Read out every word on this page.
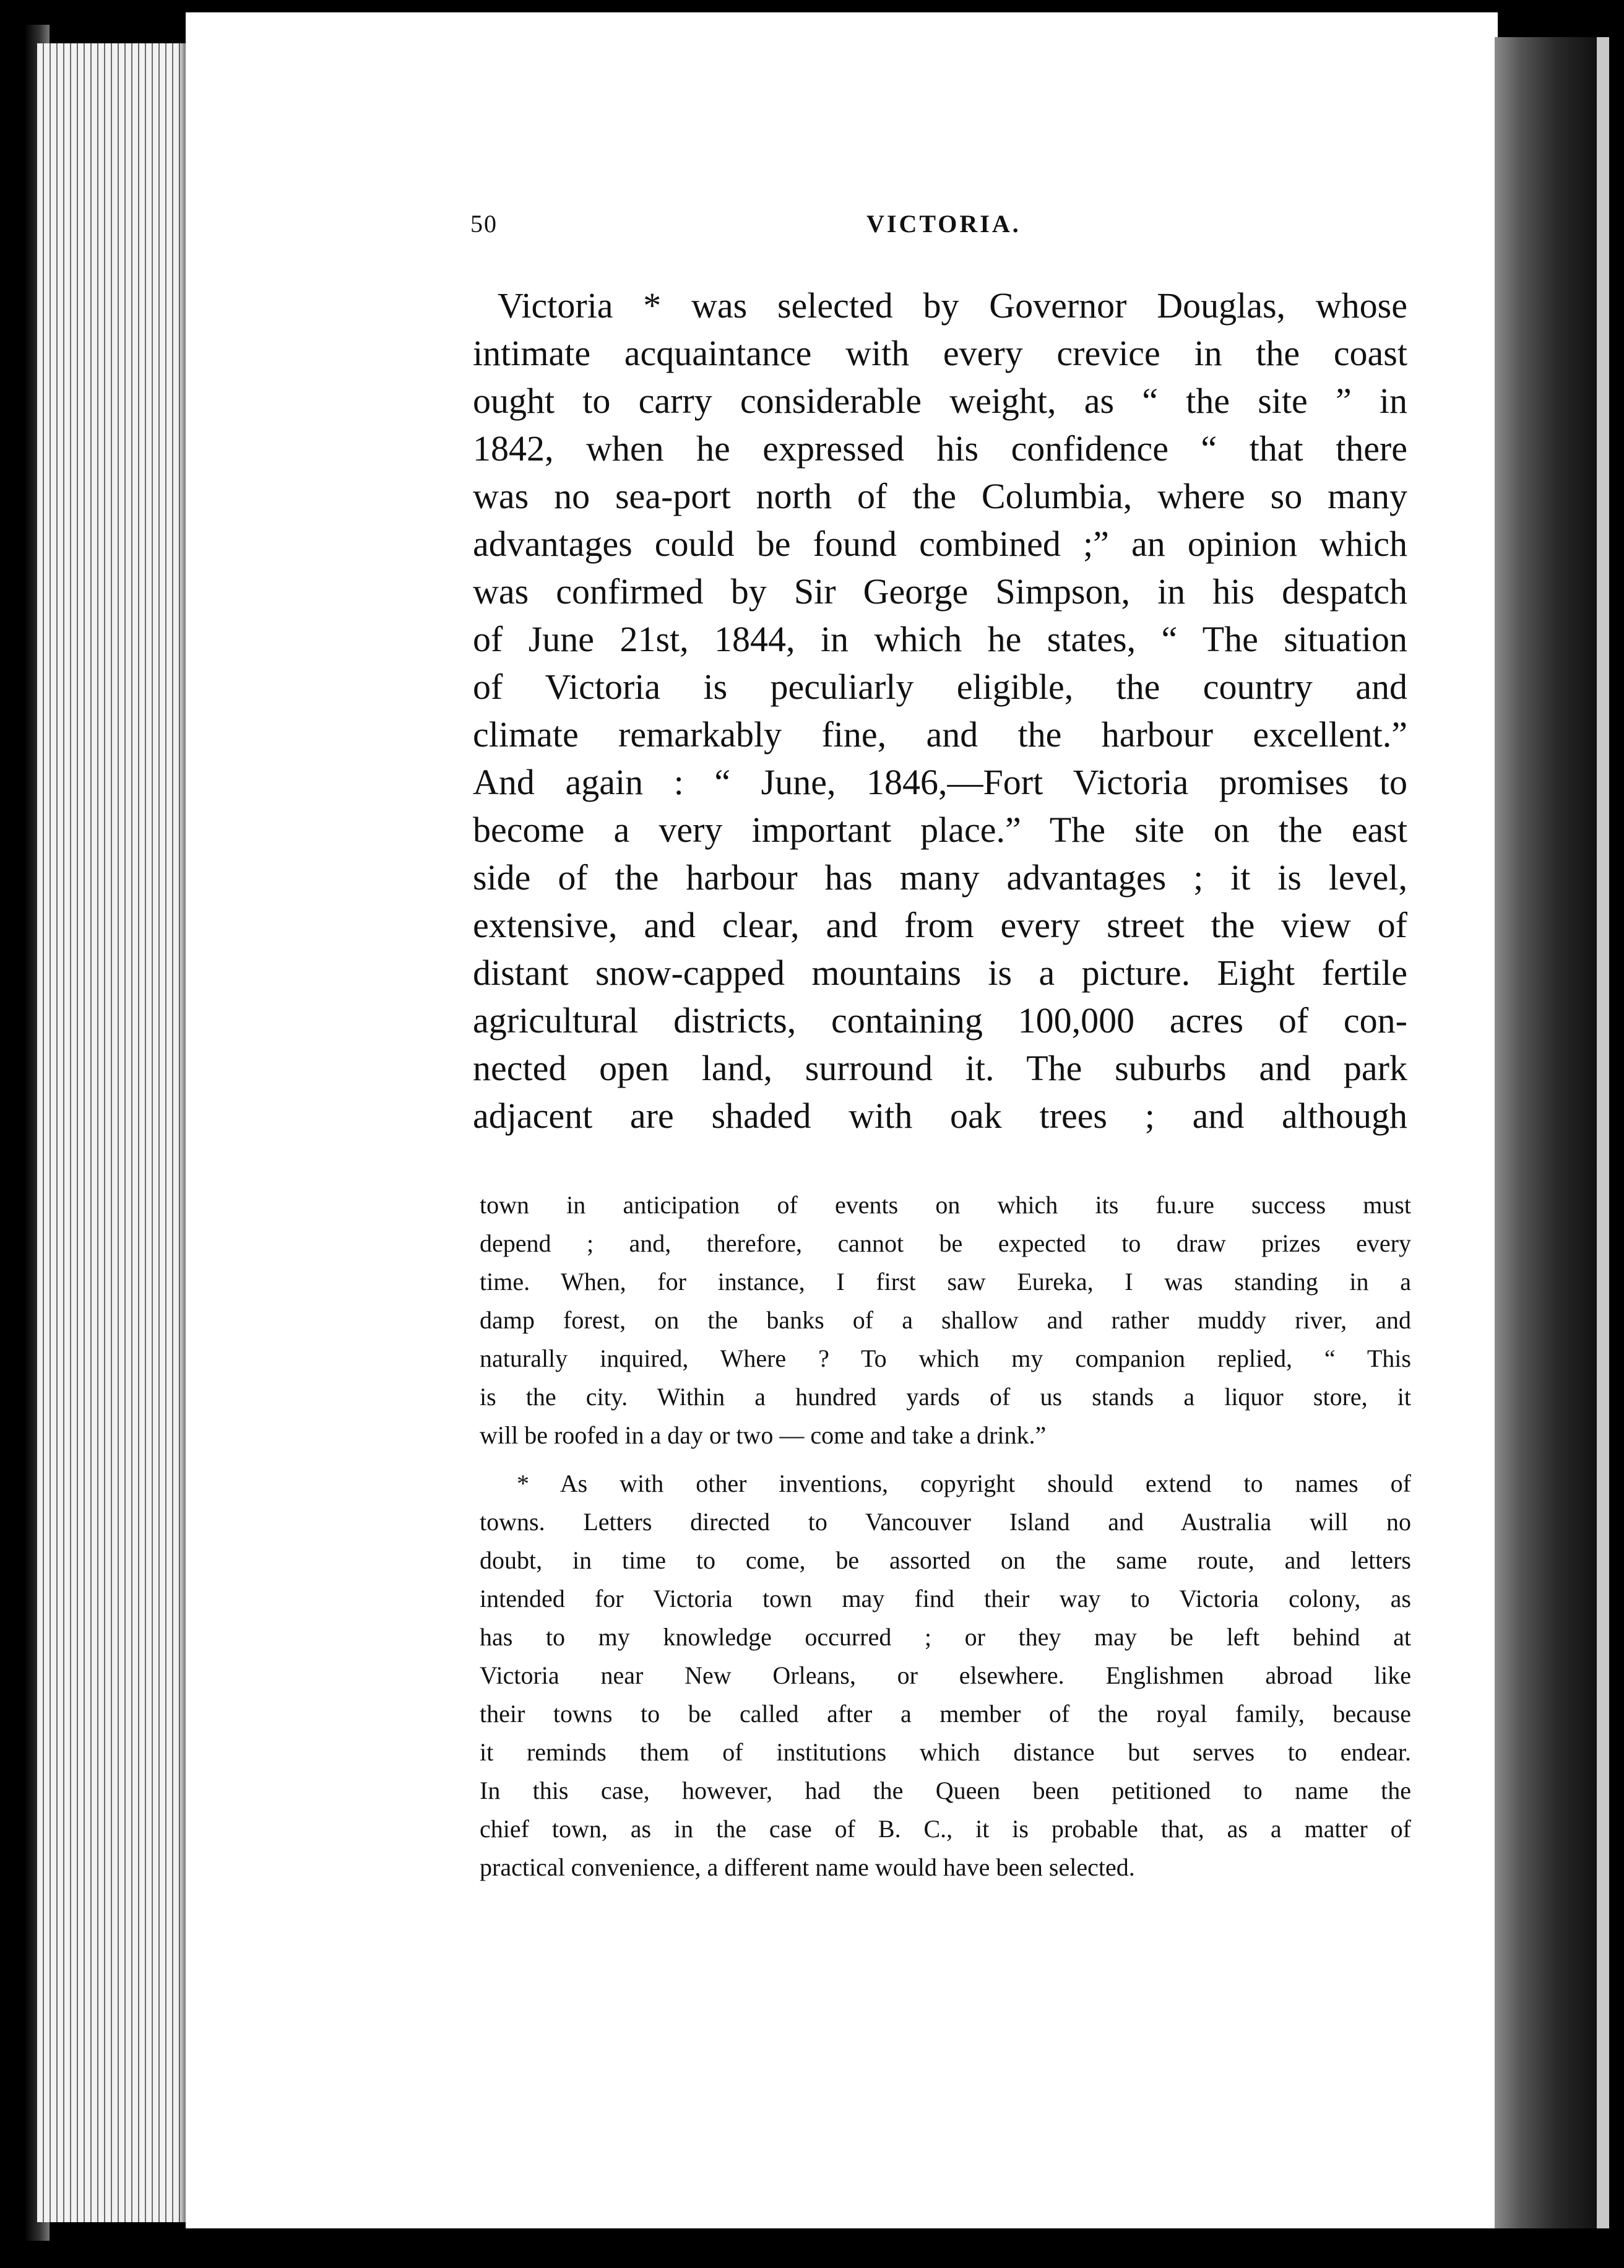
50	VICTORIA.
Victoria * was selected by Governor Douglas, whose
intimate acquaintance with every crevice in the coast
ought to carry considerable weight, as “ the site ” in
1842, when he expressed his confidence “ that there
was no sea-port north of the Columbia, where so many
advantages could be found combined ;” an opinion which
was confirmed by Sir George Simpson, in his despatch
of June 21st, 1844, in which he states, “ The situation
of Victoria is peculiarly eligible, the country and
climate remarkably fine, and the harbour excellent.”
And again : “ June, 1846,—Fort Victoria promises to
become a very important place.” The site on the east
side of the harbour has many advantages ; it is level,
extensive, and clear, and from every street the view of
distant snow-capped mountains is a picture. Eight fertile
agricultural districts, containing 100,000 acres of con-
nected open land, surround it. The suburbs and park
adjacent are shaded with oak trees ; and although
town in anticipation of events on which its fu.ure success must
depend ; and, therefore, cannot be expected to draw prizes every
time. When, for instance, I first saw Eureka, I was standing in a
damp forest, on the banks of a shallow and rather muddy river, and
naturally inquired, Where ? To which my companion replied, “ This
is the city. Within a hundred yards of us stands a liquor store, it
will be roofed in a day or two — come and take a drink.”
* As with other inventions, copyright should extend to names of
towns. Letters directed to Vancouver Island and Australia will no
doubt, in time to come, be assorted on the same route, and letters
intended for Victoria town may find their way to Victoria colony, as
has to my knowledge occurred ; or they may be left behind at
Victoria near New Orleans, or elsewhere. Englishmen abroad like
their towns to be called after a member of the royal family, because
it reminds them of institutions which distance but serves to endear.
In this case, however, had the Queen been petitioned to name the
chief town, as in the case of B. C., it is probable that, as a matter of
practical convenience, a different name would have been selected.
